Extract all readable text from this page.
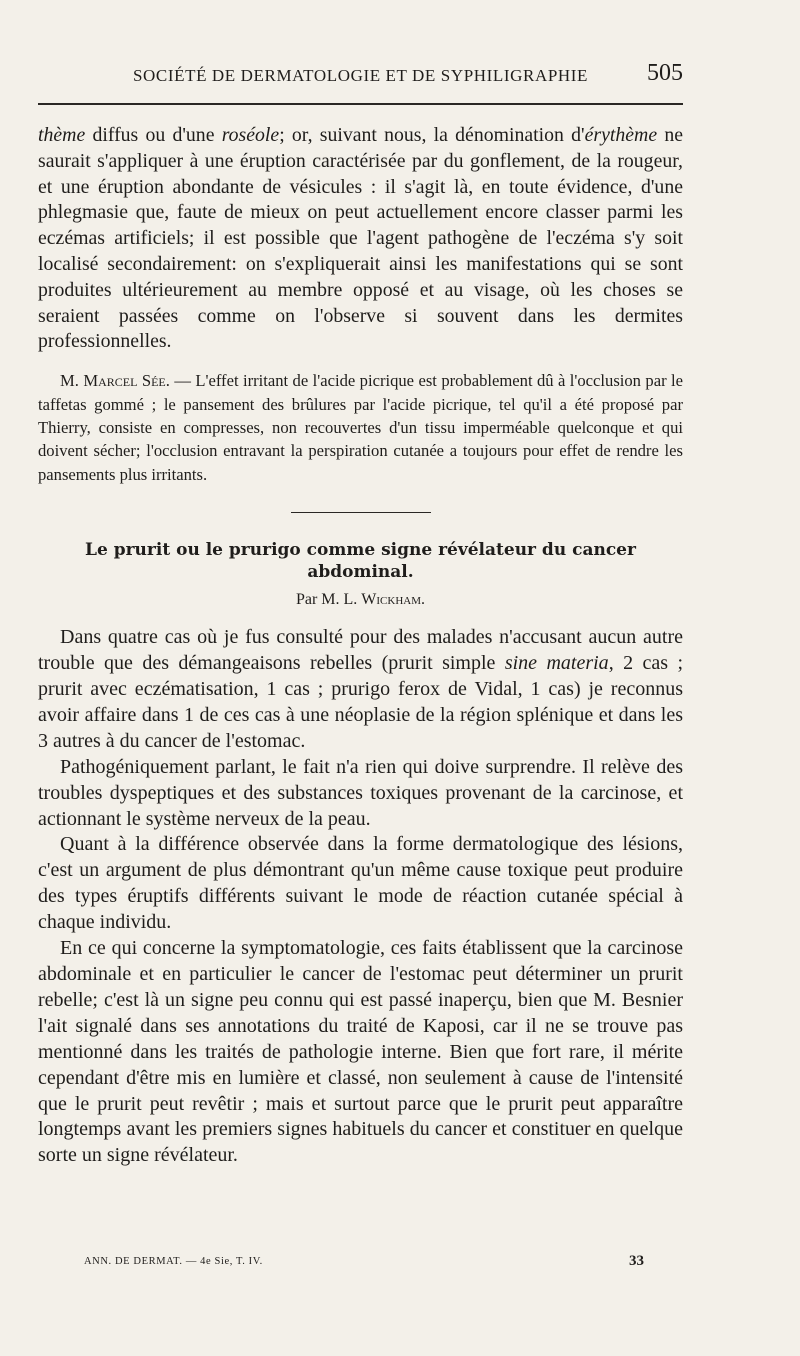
SOCIÉTÉ DE DERMATOLOGIE ET DE SYPHILIGRAPHIE 505

thème diffus ou d'une roséole; or, suivant nous, la dénomination d'érythème ne saurait s'appliquer à une éruption caractérisée par du gonflement, de la rougeur, et une éruption abondante de vésicules : il s'agit là, en toute évidence, d'une phlegmasie que, faute de mieux on peut actuellement encore classer parmi les eczémas artificiels; il est possible que l'agent pathogène de l'eczéma s'y soit localisé secondairement: on s'expliquerait ainsi les manifestations qui se sont produites ultérieurement au membre opposé et au visage, où les choses se seraient passées comme on l'observe si souvent dans les dermites professionnelles.

M. Marcel Sée. — L'effet irritant de l'acide picrique est probablement dû à l'occlusion par le taffetas gommé ; le pansement des brûlures par l'acide picrique, tel qu'il a été proposé par Thierry, consiste en compresses, non recouvertes d'un tissu imperméable quelconque et qui doivent sécher; l'occlusion entravant la perspiration cutanée a toujours pour effet de rendre les pansements plus irritants.

Le prurit ou le prurigo comme signe révélateur du cancer abdominal.

Par M. L. Wickham.

Dans quatre cas où je fus consulté pour des malades n'accusant aucun autre trouble que des démangeaisons rebelles (prurit simple sine materia, 2 cas ; prurit avec eczématisation, 1 cas ; prurigo ferox de Vidal, 1 cas) je reconnus avoir affaire dans 1 de ces cas à une néoplasie de la région splénique et dans les 3 autres à du cancer de l'estomac.

Pathogéniquement parlant, le fait n'a rien qui doive surprendre. Il relève des troubles dyspeptiques et des substances toxiques provenant de la carcinose, et actionnant le système nerveux de la peau.

Quant à la différence observée dans la forme dermatologique des lésions, c'est un argument de plus démontrant qu'un même cause toxique peut produire des types éruptifs différents suivant le mode de réaction cutanée spécial à chaque individu.

En ce qui concerne la symptomatologie, ces faits établissent que la carcinose abdominale et en particulier le cancer de l'estomac peut déterminer un prurit rebelle; c'est là un signe peu connu qui est passé inaperçu, bien que M. Besnier l'ait signalé dans ses annotations du traité de Kaposi, car il ne se trouve pas mentionné dans les traités de pathologie interne. Bien que fort rare, il mérite cependant d'être mis en lumière et classé, non seulement à cause de l'intensité que le prurit peut revêtir ; mais et surtout parce que le prurit peut apparaître longtemps avant les premiers signes habituels du cancer et constituer en quelque sorte un signe révélateur.

ANN. DE DERMAT. — 4e Sie, T. IV.	33
